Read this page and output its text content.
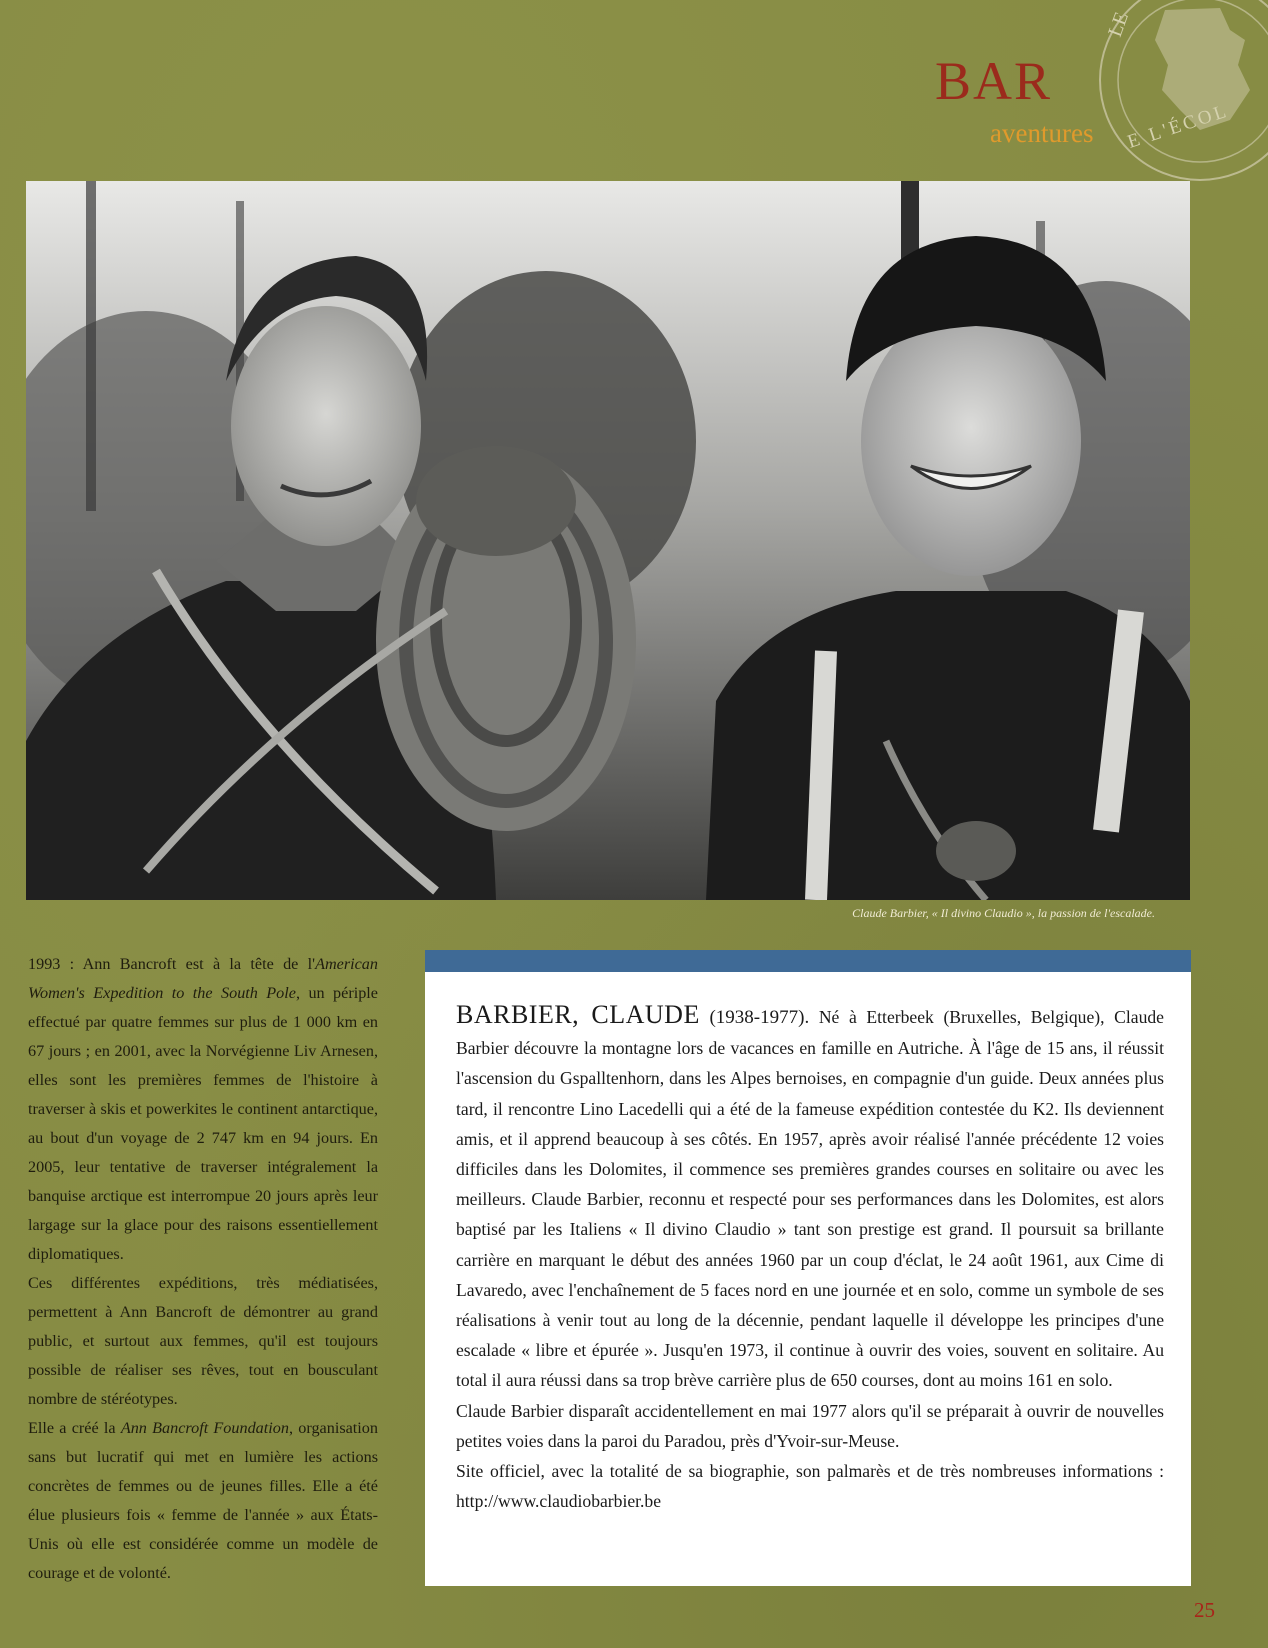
LE
E L'ÉCOL
BAR
aventures
Claude Barbier, « Il divino Claudio », la passion de l'escalade.

1993 : Ann Bancroft est à la tête de l'American Women's Expedition to the South Pole, un périple effectué par quatre femmes sur plus de 1 000 km en 67 jours ; en 2001, avec la Norvégienne Liv Arnesen, elles sont les premières femmes de l'histoire à traverser à skis et powerkites le continent antarctique, au bout d'un voyage de 2 747 km en 94 jours. En 2005, leur tentative de traverser intégralement la banquise arctique est interrompue 20 jours après leur largage sur la glace pour des raisons essentiellement diplomatiques.

Ces différentes expéditions, très médiatisées, permettent à Ann Bancroft de démontrer au grand public, et surtout aux femmes, qu'il est toujours possible de réaliser ses rêves, tout en bousculant nombre de stéréotypes.

Elle a créé la Ann Bancroft Foundation, organisation sans but lucratif qui met en lumière les actions concrètes de femmes ou de jeunes filles. Elle a été élue plusieurs fois « femme de l'année » aux États-Unis où elle est considérée comme un modèle de courage et de volonté.

BARBIER, CLAUDE (1938-1977). Né à Etterbeek (Bruxelles, Belgique), Claude Barbier découvre la montagne lors de vacances en famille en Autriche. À l'âge de 15 ans, il réussit l'ascension du Gspalltenhorn, dans les Alpes bernoises, en compagnie d'un guide. Deux années plus tard, il rencontre Lino Lacedelli qui a été de la fameuse expédition contestée du K2. Ils deviennent amis, et il apprend beaucoup à ses côtés. En 1957, après avoir réalisé l'année précédente 12 voies difficiles dans les Dolomites, il commence ses premières grandes courses en solitaire ou avec les meilleurs. Claude Barbier, reconnu et respecté pour ses performances dans les Dolomites, est alors baptisé par les Italiens « Il divino Claudio » tant son prestige est grand. Il poursuit sa brillante carrière en marquant le début des années 1960 par un coup d'éclat, le 24 août 1961, aux Cime di Lavaredo, avec l'enchaînement de 5 faces nord en une journée et en solo, comme un symbole de ses réalisations à venir tout au long de la décennie, pendant laquelle il développe les principes d'une escalade « libre et épurée ». Jusqu'en 1973, il continue à ouvrir des voies, souvent en solitaire. Au total il aura réussi dans sa trop brève carrière plus de 650 courses, dont au moins 161 en solo.

Claude Barbier disparaît accidentellement en mai 1977 alors qu'il se préparait à ouvrir de nouvelles petites voies dans la paroi du Paradou, près d'Yvoir-sur-Meuse.

Site officiel, avec la totalité de sa biographie, son palmarès et de très nombreuses informations : http://www.claudiobarbier.be

25
